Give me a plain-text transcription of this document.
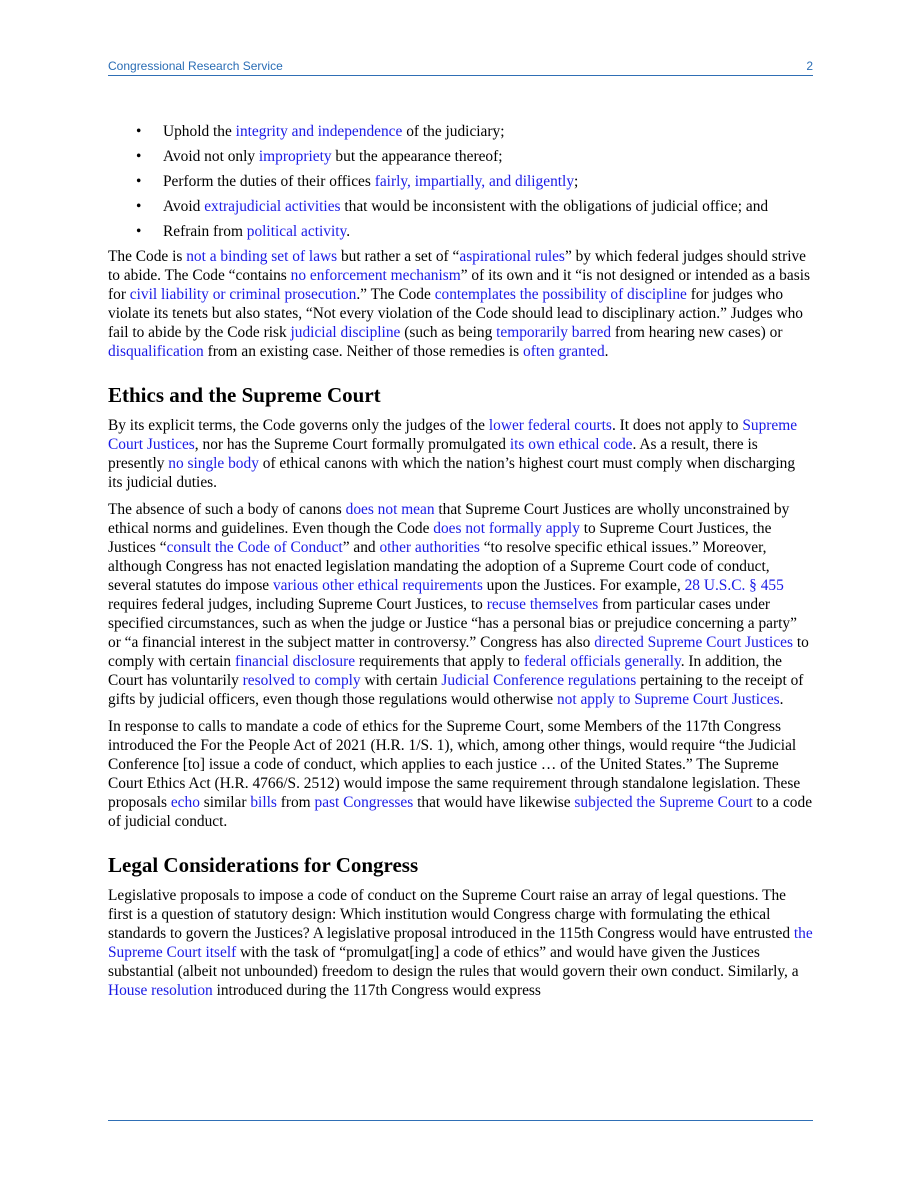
Congressional Research Service	2
• Uphold the integrity and independence of the judiciary;
• Avoid not only impropriety but the appearance thereof;
• Perform the duties of their offices fairly, impartially, and diligently;
• Avoid extrajudicial activities that would be inconsistent with the obligations of judicial office; and
• Refrain from political activity.

The Code is not a binding set of laws but rather a set of “aspirational rules” by which federal judges should strive to abide. The Code “contains no enforcement mechanism” of its own and it “is not designed or intended as a basis for civil liability or criminal prosecution.” The Code contemplates the possibility of discipline for judges who violate its tenets but also states, “Not every violation of the Code should lead to disciplinary action.” Judges who fail to abide by the Code risk judicial discipline (such as being temporarily barred from hearing new cases) or disqualification from an existing case. Neither of those remedies is often granted.

Ethics and the Supreme Court

By its explicit terms, the Code governs only the judges of the lower federal courts. It does not apply to Supreme Court Justices, nor has the Supreme Court formally promulgated its own ethical code. As a result, there is presently no single body of ethical canons with which the nation’s highest court must comply when discharging its judicial duties.

The absence of such a body of canons does not mean that Supreme Court Justices are wholly unconstrained by ethical norms and guidelines. Even though the Code does not formally apply to Supreme Court Justices, the Justices “consult the Code of Conduct” and other authorities “to resolve specific ethical issues.” Moreover, although Congress has not enacted legislation mandating the adoption of a Supreme Court code of conduct, several statutes do impose various other ethical requirements upon the Justices. For example, 28 U.S.C. § 455 requires federal judges, including Supreme Court Justices, to recuse themselves from particular cases under specified circumstances, such as when the judge or Justice “has a personal bias or prejudice concerning a party” or “a financial interest in the subject matter in controversy.” Congress has also directed Supreme Court Justices to comply with certain financial disclosure requirements that apply to federal officials generally. In addition, the Court has voluntarily resolved to comply with certain Judicial Conference regulations pertaining to the receipt of gifts by judicial officers, even though those regulations would otherwise not apply to Supreme Court Justices.

In response to calls to mandate a code of ethics for the Supreme Court, some Members of the 117th Congress introduced the For the People Act of 2021 (H.R. 1/S. 1), which, among other things, would require “the Judicial Conference [to] issue a code of conduct, which applies to each justice … of the United States.” The Supreme Court Ethics Act (H.R. 4766/S. 2512) would impose the same requirement through standalone legislation. These proposals echo similar bills from past Congresses that would have likewise subjected the Supreme Court to a code of judicial conduct.

Legal Considerations for Congress

Legislative proposals to impose a code of conduct on the Supreme Court raise an array of legal questions. The first is a question of statutory design: Which institution would Congress charge with formulating the ethical standards to govern the Justices? A legislative proposal introduced in the 115th Congress would have entrusted the Supreme Court itself with the task of “promulgat[ing] a code of ethics” and would have given the Justices substantial (albeit not unbounded) freedom to design the rules that would govern their own conduct. Similarly, a House resolution introduced during the 117th Congress would express
